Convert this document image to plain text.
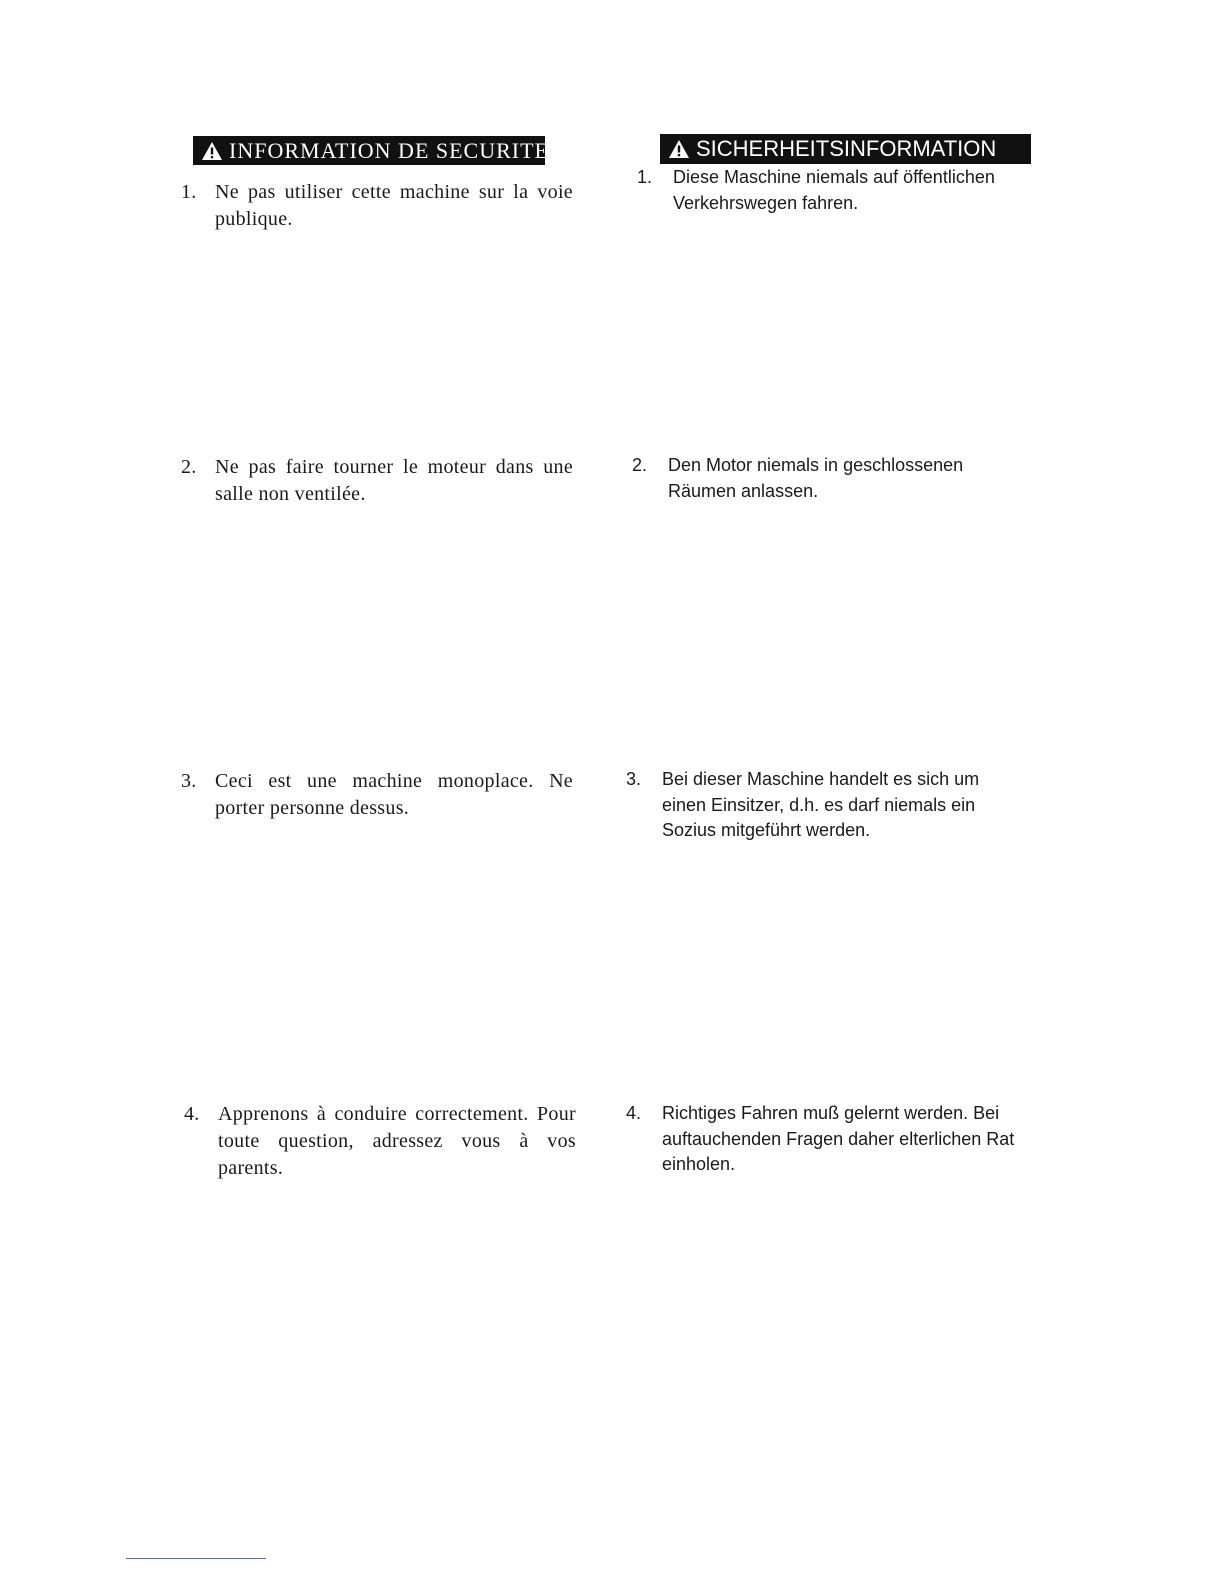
INFORMATION DE SECURITE
1. Ne pas utiliser cette machine sur la voie publique.
2. Ne pas faire tourner le moteur dans une salle non ventilée.
3. Ceci est une machine monoplace. Ne porter personne dessus.
4. Apprenons à conduire correctement. Pour toute question, adressez vous à vos parents.
SICHERHEITSINFORMATION
1.	Diese Maschine niemals auf öffentlichen Verkehrswegen fahren.
2.	Den Motor niemals in geschlossenen Räumen anlassen.
3.	Bei dieser Maschine handelt es sich um einen Einsitzer, d.h. es darf niemals ein Sozius mitgeführt werden.
4.	Richtiges Fahren muß gelernt werden. Bei auftauchenden Fragen daher elterlichen Rat einholen.
